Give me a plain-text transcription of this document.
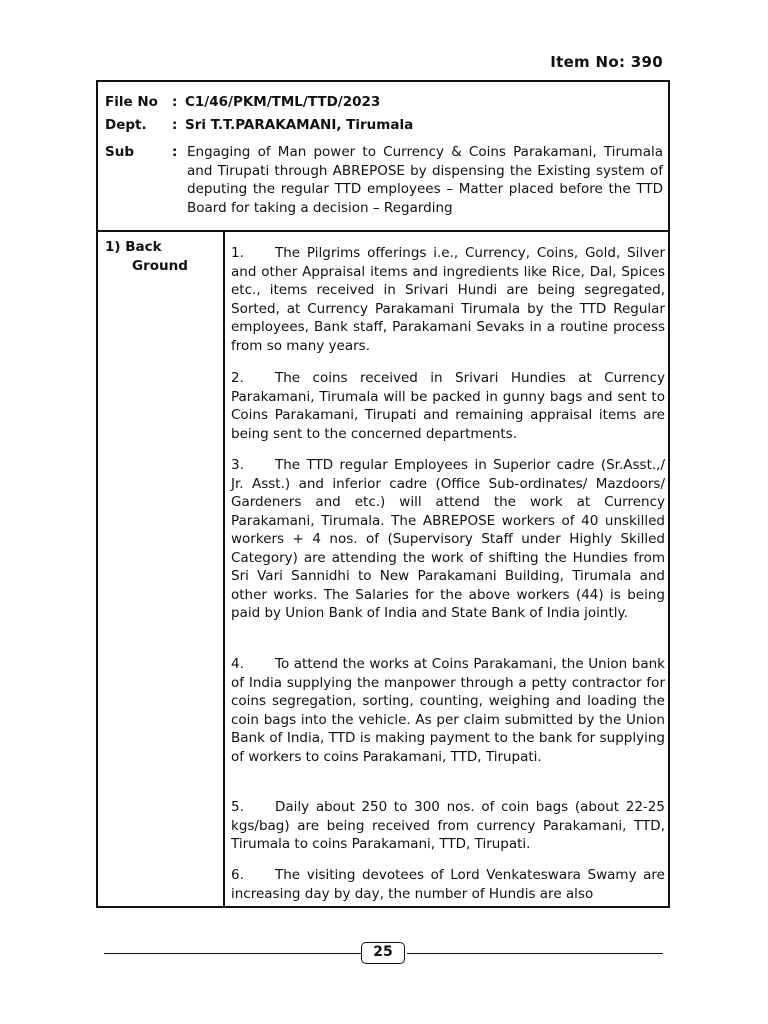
Item No: 390
File No	: C1/46/PKM/TML/TTD/2023
Dept.	: Sri T.T.PARAKAMANI, Tirumala
Sub	: Engaging of Man power to Currency & Coins Parakamani, Tirumala and Tirupati through ABREPOSE by dispensing the Existing system of deputing the regular TTD employees – Matter placed before the TTD Board for taking a decision – Regarding
1) Back
Ground
1. The Pilgrims offerings i.e., Currency, Coins, Gold, Silver and other Appraisal items and ingredients like Rice, Dal, Spices etc., items received in Srivari Hundi are being segregated, Sorted, at Currency Parakamani Tirumala by the TTD Regular employees, Bank staff, Parakamani Sevaks in a routine process from so many years.
2. The coins received in Srivari Hundies at Currency Parakamani, Tirumala will be packed in gunny bags and sent to Coins Parakamani, Tirupati and remaining appraisal items are being sent to the concerned departments.
3. The TTD regular Employees in Superior cadre (Sr.Asst.,/ Jr. Asst.) and inferior cadre (Office Sub-ordinates/ Mazdoors/ Gardeners and etc.) will attend the work at Currency Parakamani, Tirumala. The ABREPOSE workers of 40 unskilled workers + 4 nos. of (Supervisory Staff under Highly Skilled Category) are attending the work of shifting the Hundies from Sri Vari Sannidhi to New Parakamani Building, Tirumala and other works. The Salaries for the above workers (44) is being paid by Union Bank of India and State Bank of India jointly.
4. To attend the works at Coins Parakamani, the Union bank of India supplying the manpower through a petty contractor for coins segregation, sorting, counting, weighing and loading the coin bags into the vehicle. As per claim submitted by the Union Bank of India, TTD is making payment to the bank for supplying of workers to coins Parakamani, TTD, Tirupati.
5. Daily about 250 to 300 nos. of coin bags (about 22-25 kgs/bag) are being received from currency Parakamani, TTD, Tirumala to coins Parakamani, TTD, Tirupati.
6. The visiting devotees of Lord Venkateswara Swamy are increasing day by day, the number of Hundis are also
25
